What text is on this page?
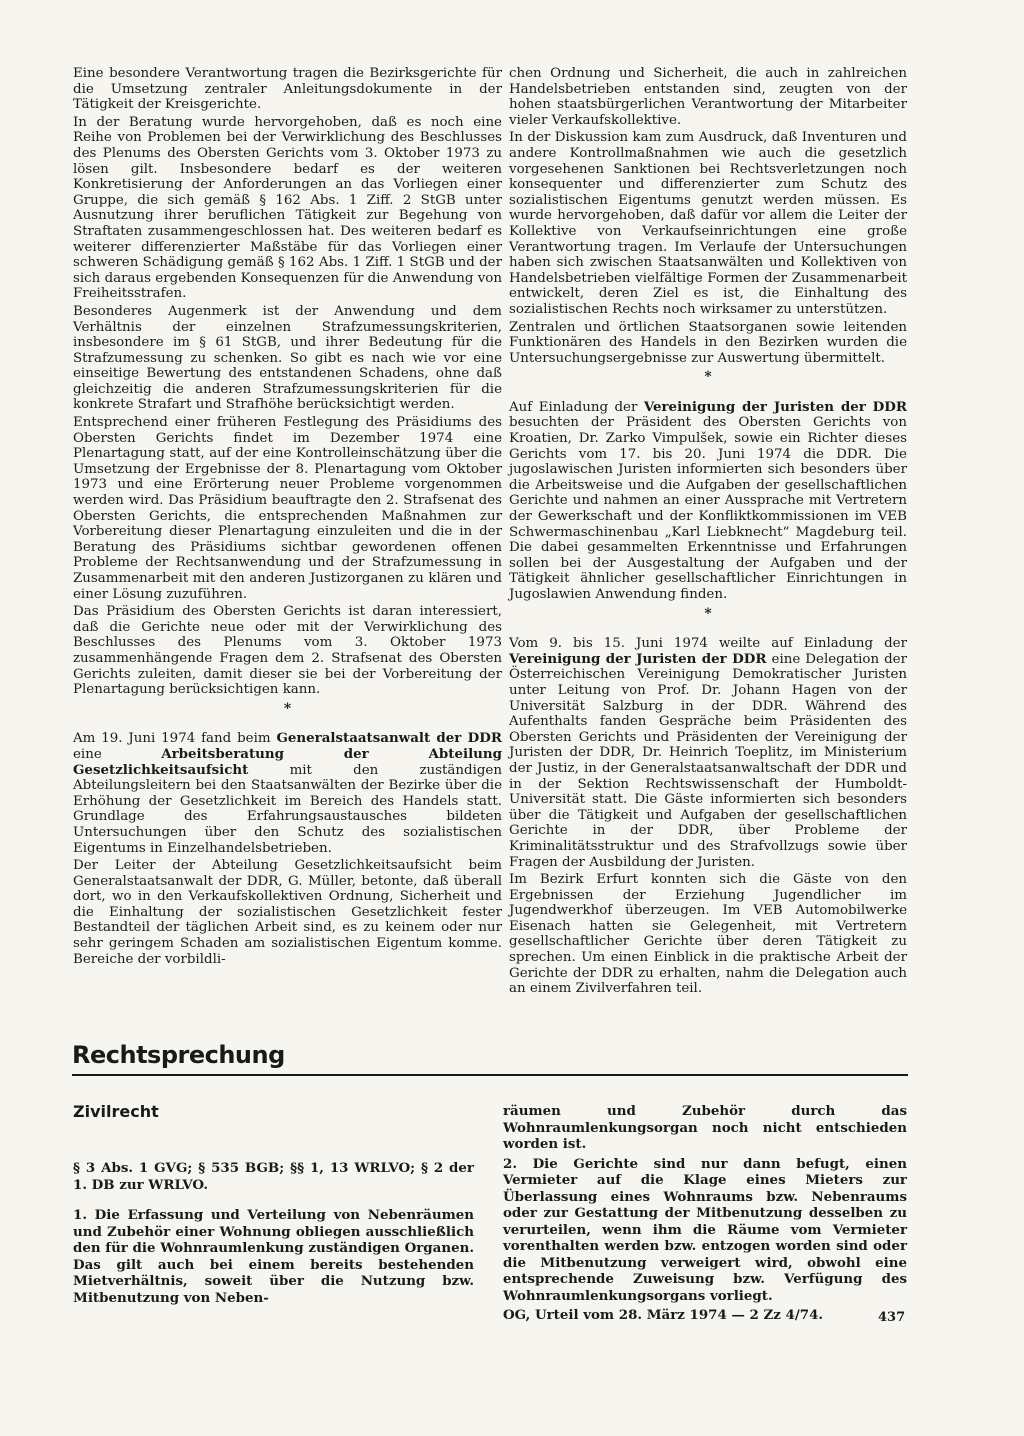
Eine besondere Verantwortung tragen die Bezirksgerichte für die Umsetzung zentraler Anleitungsdokumente in der Tätigkeit der Kreisgerichte.

In der Beratung wurde hervorgehoben, daß es noch eine Reihe von Problemen bei der Verwirklichung des Beschlusses des Plenums des Obersten Gerichts vom 3. Oktober 1973 zu lösen gilt. Insbesondere bedarf es der weiteren Konkretisierung der Anforderungen an das Vorliegen einer Gruppe, die sich gemäß § 162 Abs. 1 Ziff. 2 StGB unter Ausnutzung ihrer beruflichen Tätigkeit zur Begehung von Straftaten zusammengeschlossen hat. Des weiteren bedarf es weiterer differenzierter Maßstäbe für das Vorliegen einer schweren Schädigung gemäß § 162 Abs. 1 Ziff. 1 StGB und der sich daraus ergebenden Konsequenzen für die Anwendung von Freiheitsstrafen.

Besonderes Augenmerk ist der Anwendung und dem Verhältnis der einzelnen Strafzumessungskriterien, insbesondere im § 61 StGB, und ihrer Bedeutung für die Strafzumessung zu schenken. So gibt es nach wie vor eine einseitige Bewertung des entstandenen Schadens, ohne daß gleichzeitig die anderen Strafzumessungskriterien für die konkrete Strafart und Strafhöhe berücksichtigt werden.

Entsprechend einer früheren Festlegung des Präsidiums des Obersten Gerichts findet im Dezember 1974 eine Plenartagung statt, auf der eine Kontrolleinschätzung über die Umsetzung der Ergebnisse der 8. Plenartagung vom Oktober 1973 und eine Erörterung neuer Probleme vorgenommen werden wird. Das Präsidium beauftragte den 2. Strafsenat des Obersten Gerichts, die entsprechenden Maßnahmen zur Vorbereitung dieser Plenartagung einzuleiten und die in der Beratung des Präsidiums sichtbar gewordenen offenen Probleme der Rechtsanwendung und der Strafzumessung in Zusammenarbeit mit den anderen Justizorganen zu klären und einer Lösung zuzuführen.

Das Präsidium des Obersten Gerichts ist daran interessiert, daß die Gerichte neue oder mit der Verwirklichung des Beschlusses des Plenums vom 3. Oktober 1973 zusammenhängende Fragen dem 2. Strafsenat des Obersten Gerichts zuleiten, damit dieser sie bei der Vorbereitung der Plenartagung berücksichtigen kann.

*

Am 19. Juni 1974 fand beim Generalstaatsanwalt der DDR eine Arbeitsberatung der Abteilung Gesetzlichkeitsaufsicht mit den zuständigen Abteilungsleitern bei den Staatsanwälten der Bezirke über die Erhöhung der Gesetzlichkeit im Bereich des Handels statt. Grundlage des Erfahrungsaustausches bildeten Untersuchungen über den Schutz des sozialistischen Eigentums in Einzelhandelsbetrieben.

Der Leiter der Abteilung Gesetzlichkeitsaufsicht beim Generalstaatsanwalt der DDR, G. Müller, betonte, daß überall dort, wo in den Verkaufskollektiven Ordnung, Sicherheit und die Einhaltung der sozialistischen Gesetzlichkeit fester Bestandteil der täglichen Arbeit sind, es zu keinem oder nur sehr geringem Schaden am sozialistischen Eigentum komme. Bereiche der vorbildli-

chen Ordnung und Sicherheit, die auch in zahlreichen Handelsbetrieben entstanden sind, zeugten von der hohen staatsbürgerlichen Verantwortung der Mitarbeiter vieler Verkaufskollektive.

In der Diskussion kam zum Ausdruck, daß Inventuren und andere Kontrollmaßnahmen wie auch die gesetzlich vorgesehenen Sanktionen bei Rechtsverletzungen noch konsequenter und differenzierter zum Schutz des sozialistischen Eigentums genutzt werden müssen. Es wurde hervorgehoben, daß dafür vor allem die Leiter der Kollektive von Verkaufseinrichtungen eine große Verantwortung tragen. Im Verlaufe der Untersuchungen haben sich zwischen Staatsanwälten und Kollektiven von Handelsbetrieben vielfältige Formen der Zusammenarbeit entwickelt, deren Ziel es ist, die Einhaltung des sozialistischen Rechts noch wirksamer zu unterstützen.

Zentralen und örtlichen Staatsorganen sowie leitenden Funktionären des Handels in den Bezirken wurden die Untersuchungsergebnisse zur Auswertung übermittelt.

*

Auf Einladung der Vereinigung der Juristen der DDR besuchten der Präsident des Obersten Gerichts von Kroatien, Dr. Zarko Vimpulšek, sowie ein Richter dieses Gerichts vom 17. bis 20. Juni 1974 die DDR. Die jugoslawischen Juristen informierten sich besonders über die Arbeitsweise und die Aufgaben der gesellschaftlichen Gerichte und nahmen an einer Aussprache mit Vertretern der Gewerkschaft und der Konfliktkommissionen im VEB Schwermaschinenbau „Karl Liebknecht“ Magdeburg teil. Die dabei gesammelten Erkenntnisse und Erfahrungen sollen bei der Ausgestaltung der Aufgaben und der Tätigkeit ähnlicher gesellschaftlicher Einrichtungen in Jugoslawien Anwendung finden.

*

Vom 9. bis 15. Juni 1974 weilte auf Einladung der Vereinigung der Juristen der DDR eine Delegation der Österreichischen Vereinigung Demokratischer Juristen unter Leitung von Prof. Dr. Johann Hagen von der Universität Salzburg in der DDR. Während des Aufenthalts fanden Gespräche beim Präsidenten des Obersten Gerichts und Präsidenten der Vereinigung der Juristen der DDR, Dr. Heinrich Toeplitz, im Ministerium der Justiz, in der Generalstaatsanwaltschaft der DDR und in der Sektion Rechtswissenschaft der Humboldt-Universität statt. Die Gäste informierten sich besonders über die Tätigkeit und Aufgaben der gesellschaftlichen Gerichte in der DDR, über Probleme der Kriminalitätsstruktur und des Strafvollzugs sowie über Fragen der Ausbildung der Juristen.

Im Bezirk Erfurt konnten sich die Gäste von den Ergebnissen der Erziehung Jugendlicher im Jugendwerkhof überzeugen. Im VEB Automobilwerke Eisenach hatten sie Gelegenheit, mit Vertretern gesellschaftlicher Gerichte über deren Tätigkeit zu sprechen. Um einen Einblick in die praktische Arbeit der Gerichte der DDR zu erhalten, nahm die Delegation auch an einem Zivilverfahren teil.

Rechtsprechung
Zivilrecht

§ 3 Abs. 1 GVG; § 535 BGB; §§ 1, 13 WRLVO; § 2 der 1. DB zur WRLVO.

1. Die Erfassung und Verteilung von Nebenräumen und Zubehör einer Wohnung obliegen ausschließlich den für die Wohnraumlenkung zuständigen Organen. Das gilt auch bei einem bereits bestehenden Mietverhältnis, soweit über die Nutzung bzw. Mitbenutzung von Neben-

räumen und Zubehör durch das Wohnraumlenkungsorgan noch nicht entschieden worden ist.

2. Die Gerichte sind nur dann befugt, einen Vermieter auf die Klage eines Mieters zur Überlassung eines Wohnraums bzw. Nebenraums oder zur Gestattung der Mitbenutzung desselben zu verurteilen, wenn ihm die Räume vom Vermieter vorenthalten werden bzw. entzogen worden sind oder die Mitbenutzung verweigert wird, obwohl eine entsprechende Zuweisung bzw. Verfügung des Wohnraumlenkungsorgans vorliegt.

OG, Urteil vom 28. März 1974 — 2 Zz 4/74.	437
